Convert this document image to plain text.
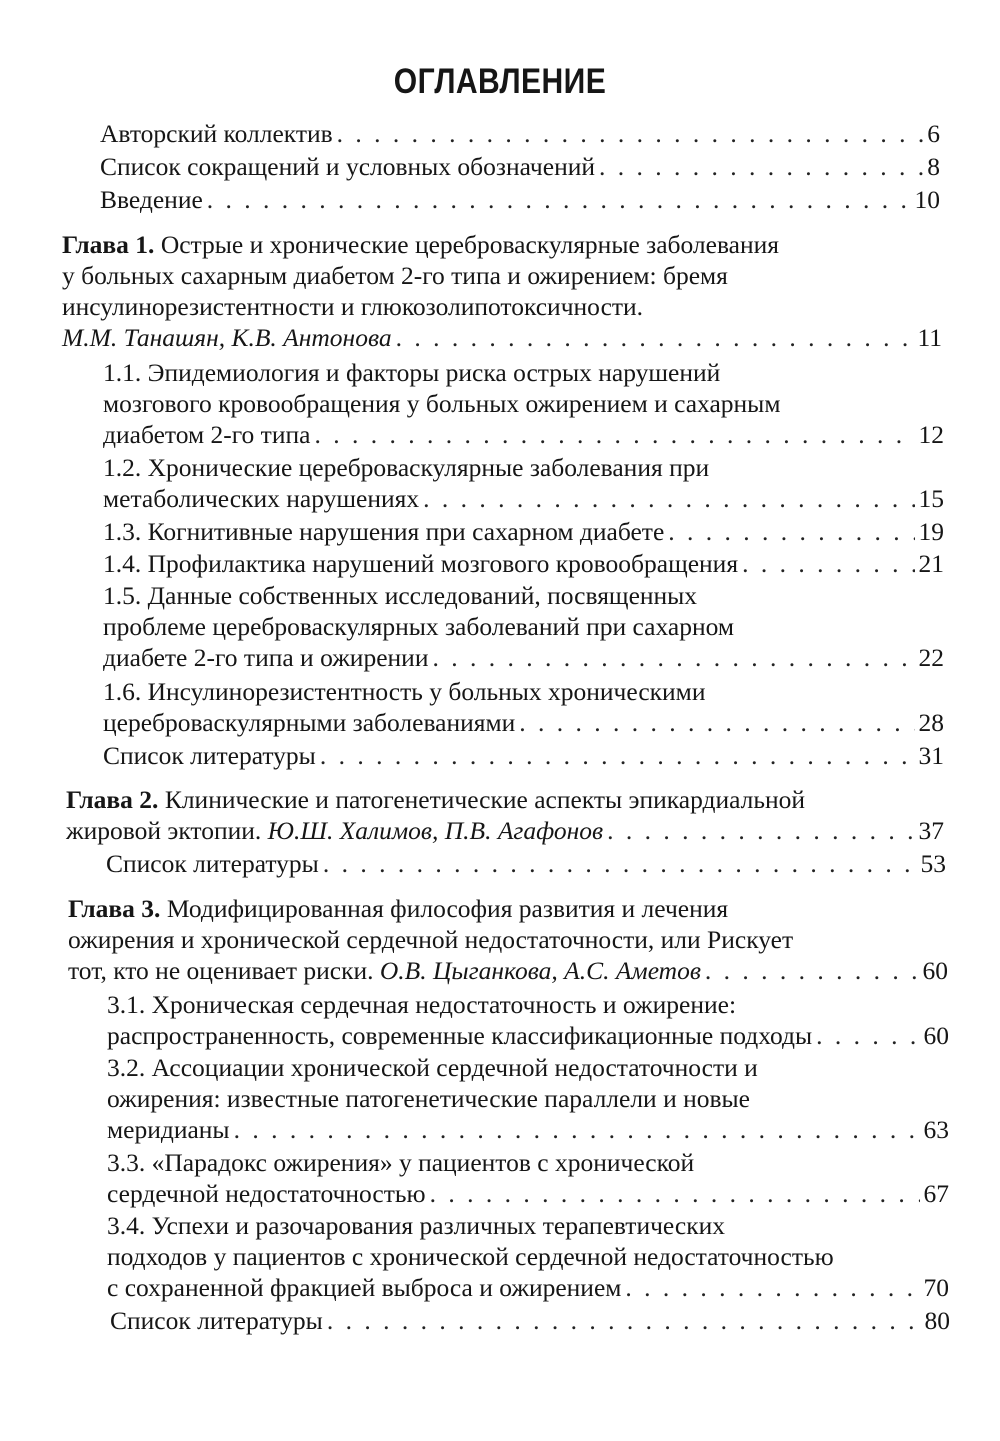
ОГЛАВЛЕНИЕ
Авторский коллектив . . .	6
Список сокращений и условных обозначений . . .	8
Введение . . .	10
Глава 1. Острые и хронические цереброваскулярные заболевания
у больных сахарным диабетом 2-го типа и ожирением: бремя
инсулинорезистентности и глюкозолипотоксичности.
М.М. Танашян, К.В. Антонова . . .	11
1.1. Эпидемиология и факторы риска острых нарушений
мозгового кровообращения у больных ожирением и сахарным
диабетом 2-го типа . . .	12
1.2. Хронические цереброваскулярные заболевания при
метаболических нарушениях . . .	15
1.3. Когнитивные нарушения при сахарном диабете . . .	19
1.4. Профилактика нарушений мозгового кровообращения . . .	21
1.5. Данные собственных исследований, посвященных
проблеме цереброваскулярных заболеваний при сахарном
диабете 2-го типа и ожирении . . .	22
1.6. Инсулинорезистентность у больных хроническими
цереброваскулярными заболеваниями . . .	28
Список литературы . . .	31
Глава 2. Клинические и патогенетические аспекты эпикардиальной
жировой эктопии. Ю.Ш. Халимов, П.В. Агафонов . . .	37
Список литературы . . .	53
Глава 3. Модифицированная философия развития и лечения
ожирения и хронической сердечной недостаточности, или Рискует
тот, кто не оценивает риски. О.В. Цыганкова, А.С. Аметов . . .	60
3.1. Хроническая сердечная недостаточность и ожирение:
распространенность, современные классификационные подходы . . .	60
3.2. Ассоциации хронической сердечной недостаточности и
ожирения: известные патогенетические параллели и новые
меридианы . . .	63
3.3. «Парадокс ожирения» у пациентов с хронической
сердечной недостаточностью . . .	67
3.4. Успехи и разочарования различных терапевтических
подходов у пациентов с хронической сердечной недостаточностью
с сохраненной фракцией выброса и ожирением . . .	70
Список литературы . . .	80
